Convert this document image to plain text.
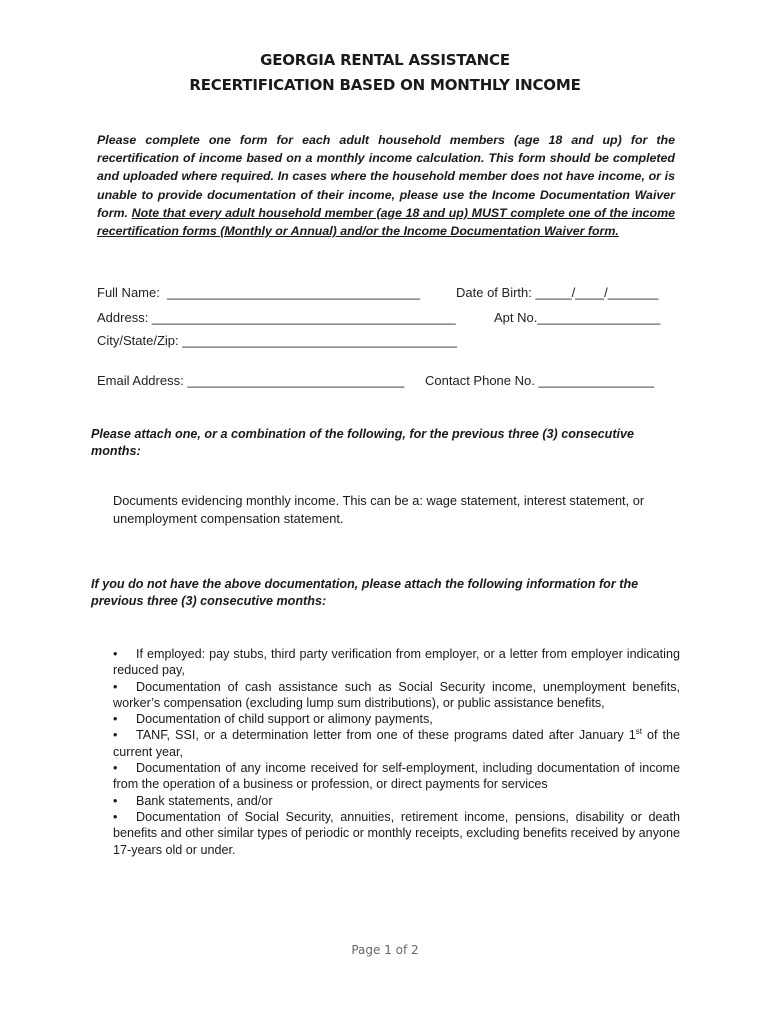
GEORGIA RENTAL ASSISTANCE
RECERTIFICATION BASED ON MONTHLY INCOME
Please complete one form for each adult household members (age 18 and up) for the recertification of income based on a monthly income calculation. This form should be completed and uploaded where required. In cases where the household member does not have income, or is unable to provide documentation of their income, please use the Income Documentation Waiver form. Note that every adult household member (age 18 and up) MUST complete one of the income recertification forms (Monthly or Annual) and/or the Income Documentation Waiver form.
Full Name:  ___________________________________	Date of Birth: _____/____/_______
Address: __________________________________________	Apt No._________________
City/State/Zip: ______________________________________
Email Address: ______________________________ Contact Phone No. ________________
Please attach one, or a combination of the following, for the previous three (3) consecutive months:
Documents evidencing monthly income. This can be a: wage statement, interest statement, or unemployment compensation statement.
If you do not have the above documentation, please attach the following information for the previous three (3) consecutive months:

• If employed: pay stubs, third party verification from employer, or a letter from employer indicating reduced pay,

• Documentation of cash assistance such as Social Security income, unemployment benefits, worker’s compensation (excluding lump sum distributions), or public assistance benefits,

• Documentation of child support or alimony payments,

• TANF, SSI, or a determination letter from one of these programs dated after January 1st of the current year,

• Documentation of any income received for self-employment, including documentation of income from the operation of a business or profession, or direct payments for services

• Bank statements, and/or

• Documentation of Social Security, annuities, retirement income, pensions, disability or death benefits and other similar types of periodic or monthly receipts, excluding benefits received by anyone 17-years old or under.

Page 1 of 2
